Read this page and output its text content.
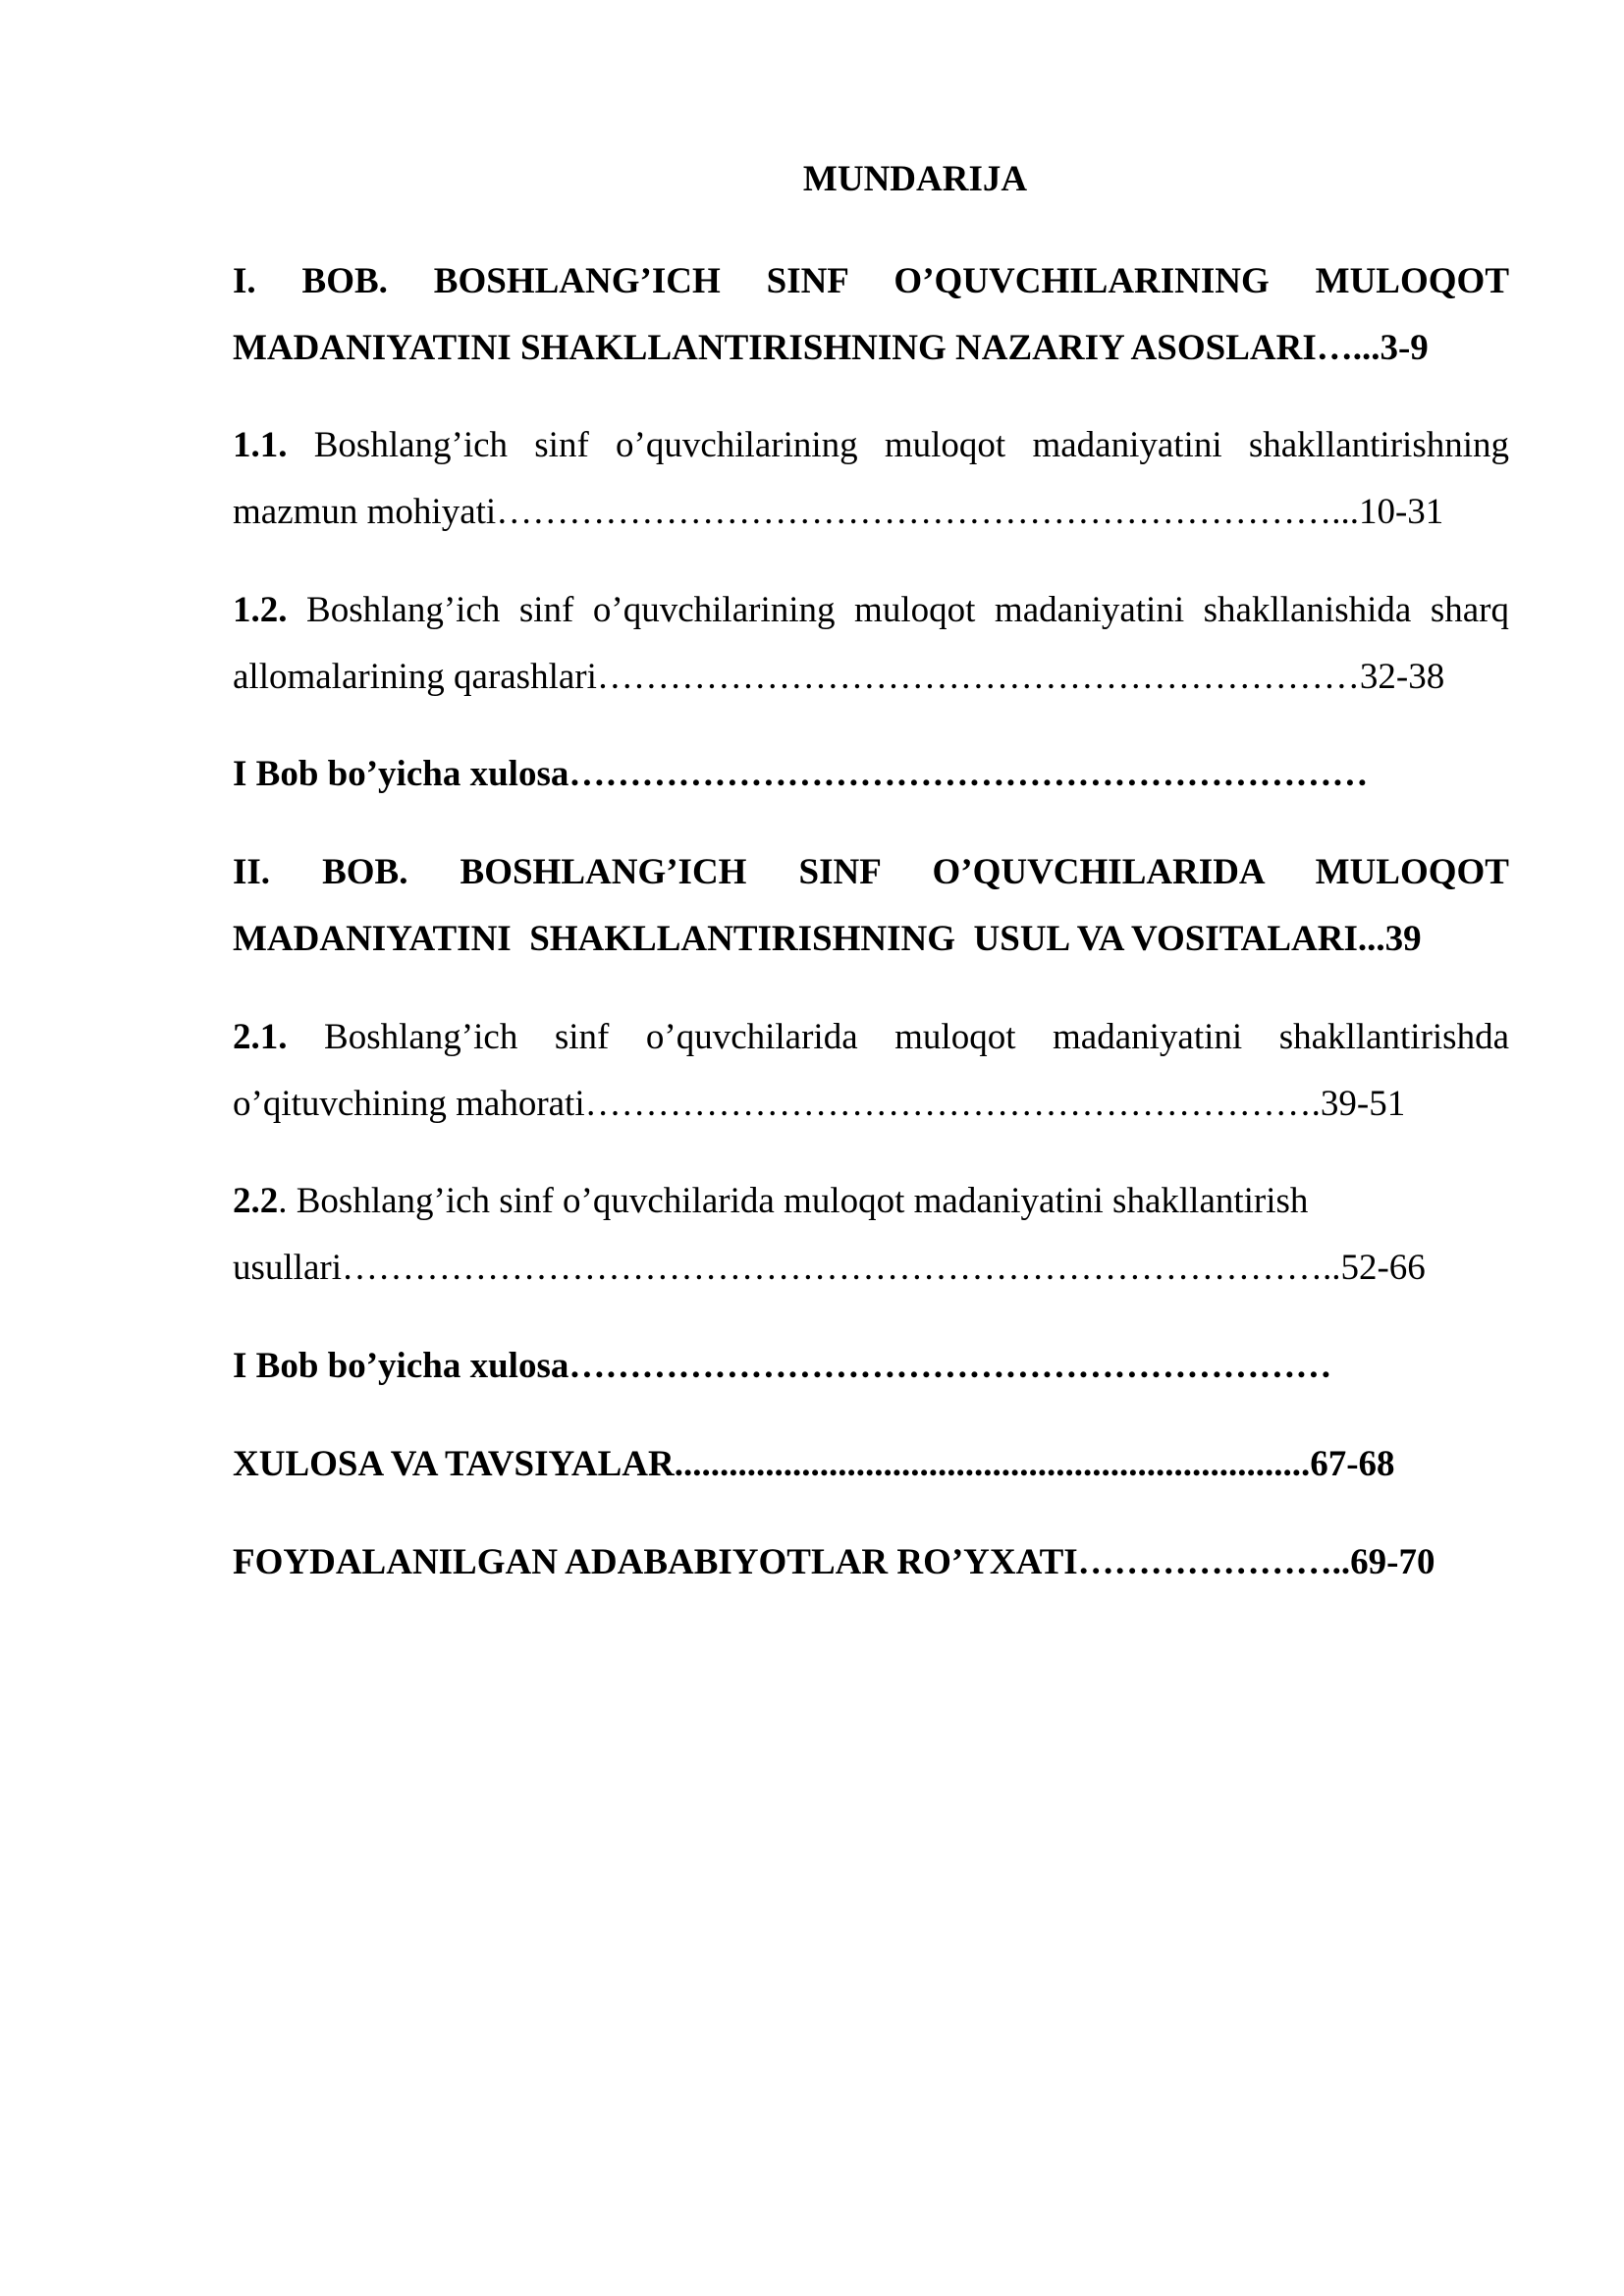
MUNDARIJA
I. BOB. BOSHLANG’ICH SINF O’QUVCHILARINING MULOQOT
MADANIYATINI SHAKLLANTIRISHNING NAZARIY ASOSLARI…...3-9
1.1. Boshlang’ich sinf o’quvchilarining muloqot madaniyatini shakllantirishning
mazmun mohiyati……………………………………………………………...10-31
1.2. Boshlang’ich sinf o’quvchilarining muloqot madaniyatini shakllanishida sharq
allomalarining qarashlari………………………………………………………32-38
I Bob bo’yicha xulosa…………………………………………………………
II. BOB. BOSHLANG’ICH SINF O’QUVCHILARIDA MULOQOT
MADANIYATINI  SHAKLLANTIRISHNING  USUL VA VOSITALARI...39
2.1. Boshlang’ich sinf o’quvchilarida muloqot madaniyatini shakllantirishda
o’qituvchining mahorati…………………………………………………….39-51
2.2. Boshlang’ich sinf o’quvchilarida muloqot madaniyatini shakllantirish
usullari………………………………………………………………………..52-66
I Bob bo’yicha xulosa………………………………………………………
XULOSA VA TAVSIYALAR......................................................................67-68
FOYDALANILGAN ADABABIYOTLAR RO’YXATI…………………..69-70
